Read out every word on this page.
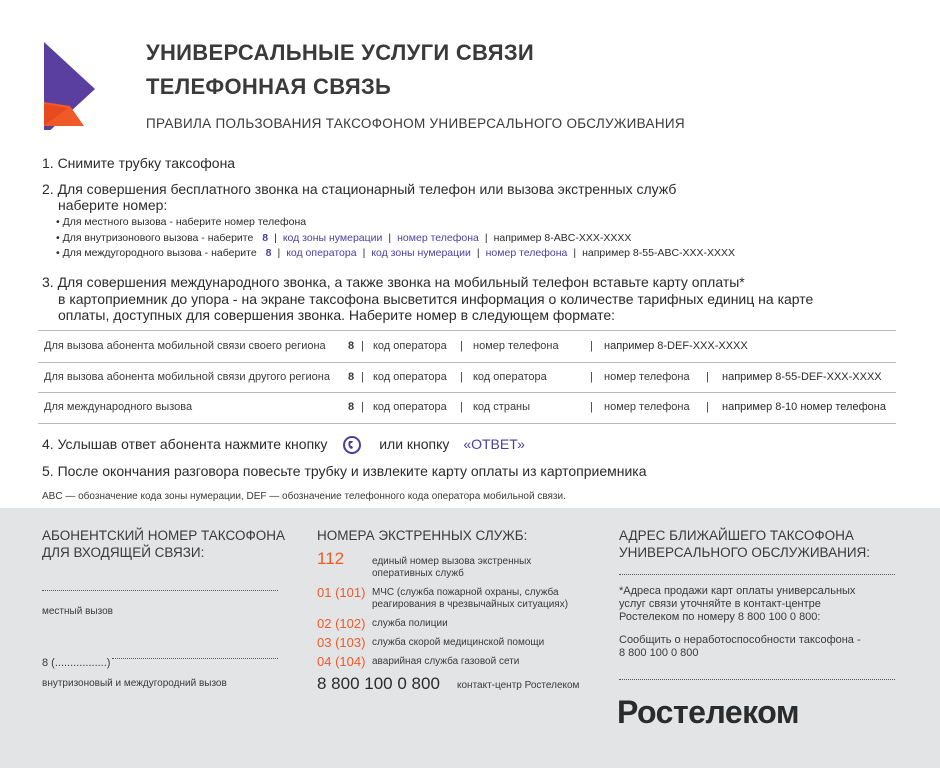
УНИВЕРСАЛЬНЫЕ УСЛУГИ СВЯЗИ
ТЕЛЕФОННАЯ СВЯЗЬ
ПРАВИЛА ПОЛЬЗОВАНИЯ ТАКСОФОНОМ УНИВЕРСАЛЬНОГО ОБСЛУЖИВАНИЯ
1. Снимите трубку таксофона
2. Для совершения бесплатного звонка на стационарный телефон или вызова экстренных служб
наберите номер:
• Для местного вызова - наберите номер телефона
• Для внутризонового вызова - наберите 8 | код зоны нумерации | номер телефона | например 8-ABC-XXX-XXXX
• Для междугородного вызова - наберите 8 | код оператора | код зоны нумерации | номер телефона | например 8-55-ABC-XXX-XXXX
3. Для совершения международного звонка, а также звонка на мобильный телефон вставьте карту оплаты*
в картоприемник до упора - на экране таксофона высветится информация о количестве тарифных единиц на карте
оплаты, доступных для совершения звонка. Наберите номер в следующем формате:
Для вызова абонента мобильной связи своего региона 8 | код оператора | номер телефона	| например 8-DEF-XXX-XXXX
Для вызова абонента мобильной связи другого региона 8 | код оператора | код оператора	| номер телефона | например 8-55-DEF-XXX-XXXX
Для международного вызова	8 | код оператора | код страны	| номер телефона | например 8-10 номер телефона
4. Услышав ответ абонента нажмите кнопку	или кнопку «ОТВЕТ»
5. После окончания разговора повесьте трубку и извлеките карту оплаты из картоприемника
ABC — обозначение кода зоны нумерации, DEF — обозначение телефонного кода оператора мобильной связи.
АБОНЕНТСКИЙ НОМЕР ТАКСОФОНА
ДЛЯ ВХОДЯЩЕЙ СВЯЗИ:
местный вызов
8 (.................)
внутризоновый и междугородний вызов
НОМЕРА ЭКСТРЕННЫХ СЛУЖБ:
112	единый номер вызова экстренных
оперативных служб
01 (101) МЧС (служба пожарной охраны, служба
реагирования в чрезвычайных ситуациях)
02 (102) служба полиции
03 (103) служба скорой медицинской помощи
04 (104) аварийная служба газовой сети
8 800 100 0 800 контакт-центр Ростелеком
АДРЕС БЛИЖАЙШЕГО ТАКСОФОНА
УНИВЕРСАЛЬНОГО ОБСЛУЖИВАНИЯ:
*Адреса продажи карт оплаты универсальных
услуг связи уточняйте в контакт-центре
Ростелеком по номеру 8 800 100 0 800:
Сообщить о неработоспособности таксофона -
8 800 100 0 800
Ростелеком
